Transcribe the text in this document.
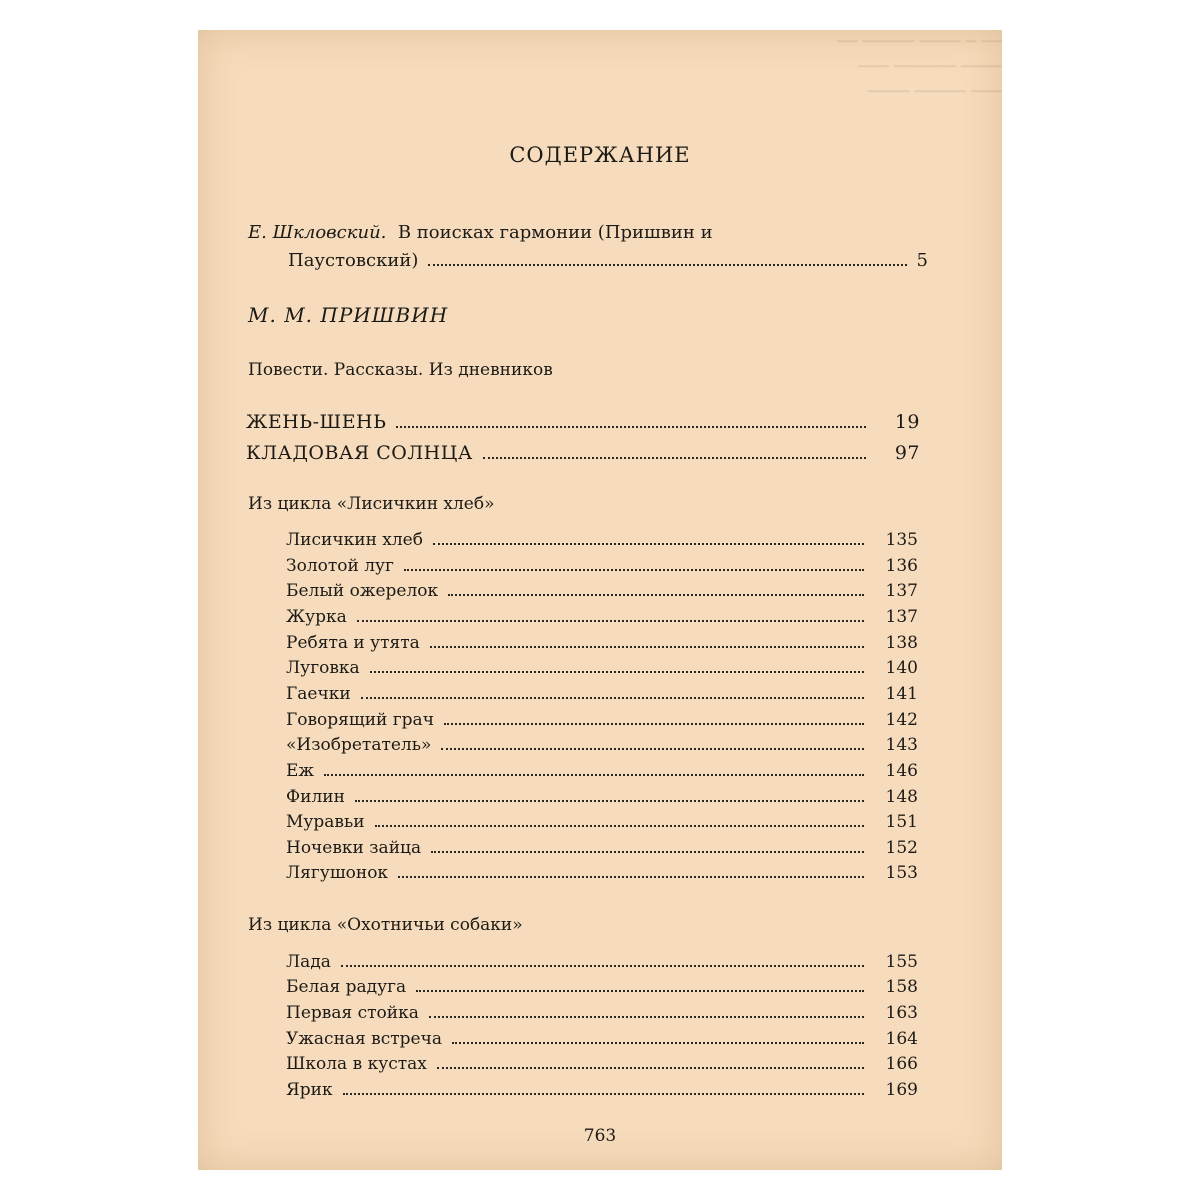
── ─ ──── ───── ──
──── ────── ───
─── ───── ────
СОДЕРЖАНИЕ
Е. Шкловский. В поисках гармонии (Пришвин и
Паустовский)	5
М. М. ПРИШВИН
Повести. Рассказы. Из дневников
ЖЕНЬ-ШЕНЬ	19
КЛАДОВАЯ СОЛНЦА	97
Из цикла «Лисичкин хлеб»
Лисичкин хлеб	135
Золотой луг	136
Белый ожерелок	137
Журка	137
Ребята и утята	138
Луговка	140
Гаечки	141
Говорящий грач	142
«Изобретатель»	143
Еж	146
Филин	148
Муравьи	151
Ночевки зайца	152
Лягушонок	153
Из цикла «Охотничьи собаки»
Лада	155
Белая радуга	158
Первая стойка	163
Ужасная встреча	164
Школа в кустах	166
Ярик	169
763
